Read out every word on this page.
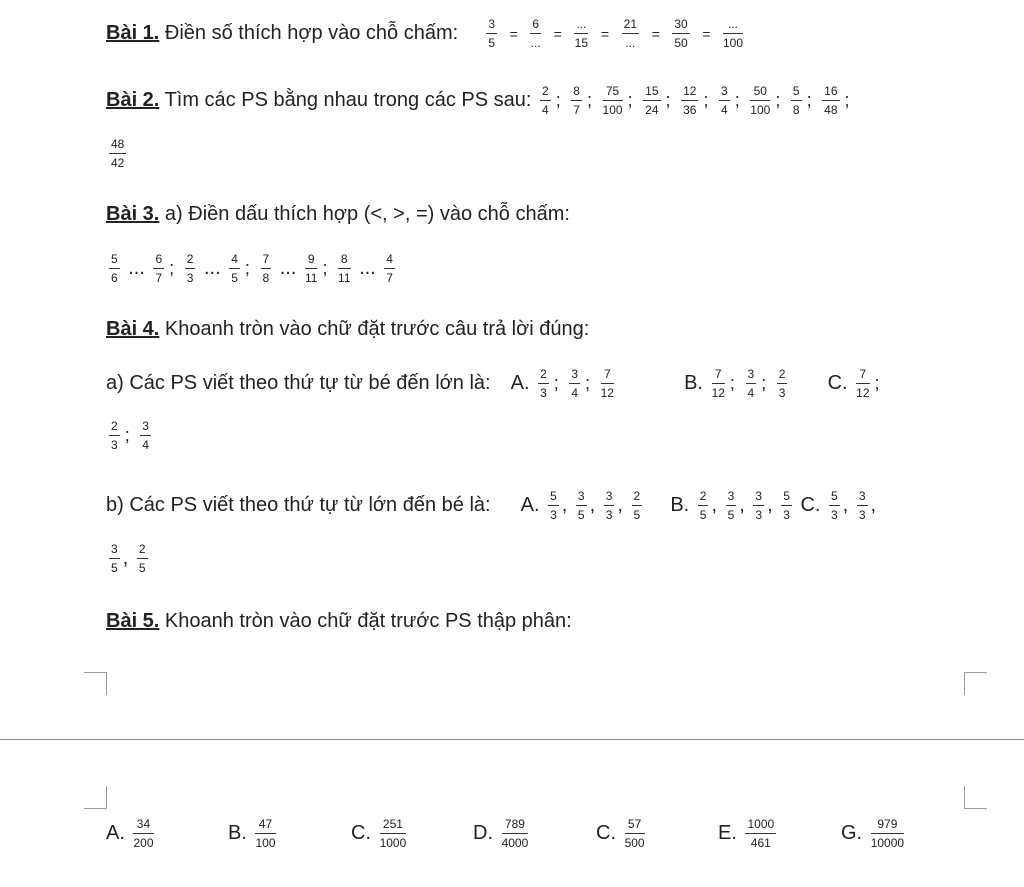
Bài 1. Điền số thích hợp vào chỗ chấm: $\frac{3}{5} = \frac{6}{...} = \frac{...}{15} = \frac{21}{...} = \frac{30}{50} = \frac{...}{100}$
Bài 2. Tìm các PS bằng nhau trong các PS sau: $\frac{2}{4}$ ; $\frac{8}{7}$ ; $\frac{75}{100}$ ; $\frac{15}{24}$ ; $\frac{12}{36}$ ; $\frac{3}{4}$ ; $\frac{50}{100}$ ; $\frac{5}{8}$ ; $\frac{16}{48}$ ;
$\frac{48}{42}$
Bài 3. a) Điền dấu thích hợp (<, >, =) vào chỗ chấm:
$\frac{5}{6}$ ... $\frac{6}{7}$ ; $\frac{2}{3}$ ... $\frac{4}{5}$ ; $\frac{7}{8}$ ... $\frac{9}{11}$ ; $\frac{8}{11}$ ... $\frac{4}{7}$
Bài 4. Khoanh tròn vào chữ đặt trước câu trả lời đúng:
a) Các PS viết theo thứ tự từ bé đến lớn là: A. $\frac{2}{3}$ ; $\frac{3}{4}$ ; $\frac{7}{12}$	B. $\frac{7}{12}$ ; $\frac{3}{4}$ ; $\frac{2}{3} C$. $\frac{7}{12}$ ;
$\frac{2}{3}$ ; $\frac{3}{4}$
b) Các PS viết theo thứ tự từ lớn đến bé là: A. $\frac{5}{3}$ , $\frac{3}{5}$ , $\frac{3}{3}$ , $\frac{2}{5} B$. $\frac{2}{5}$ , $\frac{3}{5}$ , $\frac{3}{3}$ , $\frac{5}{3} C$. $\frac{5}{3}$ , $\frac{3}{3}$ ,
$\frac{3}{5}$ , $\frac{2}{5}$
Bài 5. Khoanh tròn vào chữ đặt trước PS thập phân:
A. $\frac{34}{200}$	B. $\frac{47}{100}$	C. $\frac{251}{1000}$	D. $\frac{789}{4000}$	C. $\frac{57}{500}$	E. $\frac{1000}{461}$	G. $\frac{979}{10000}$
